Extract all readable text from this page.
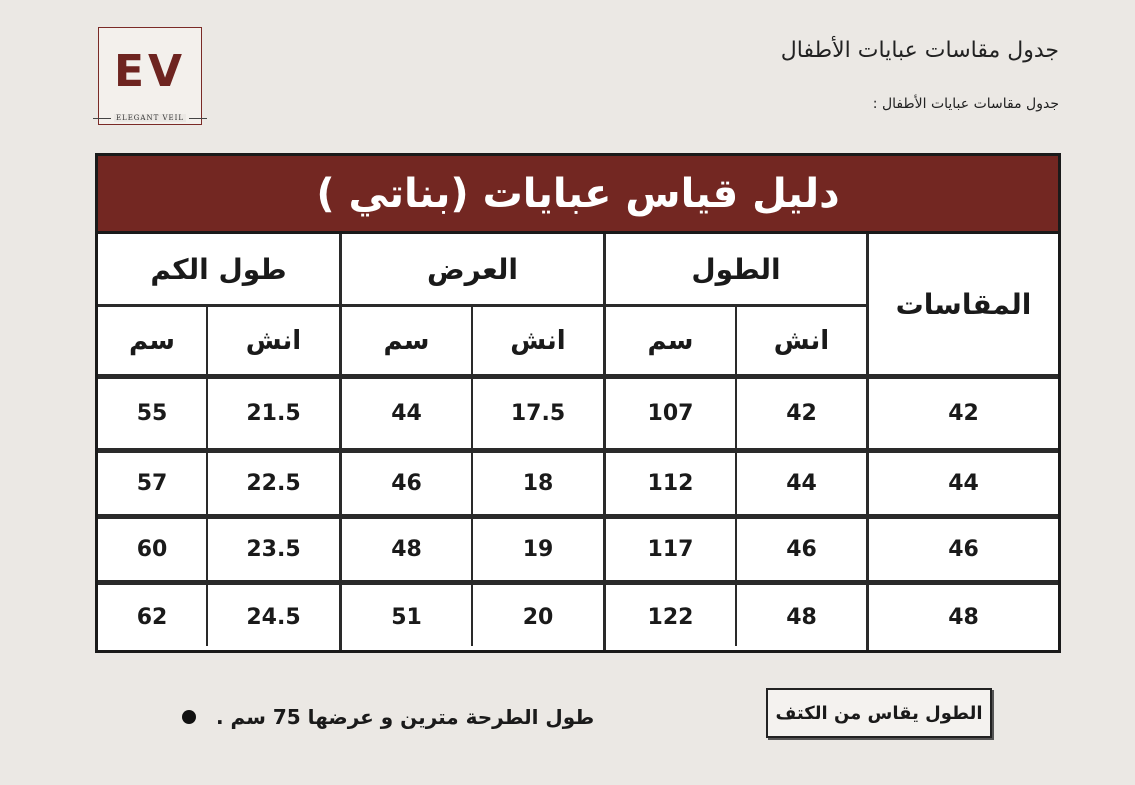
EV
ELEGANT VEIL
جدول مقاسات عبايات الأطفال
جدول مقاسات عبايات الأطفال :
دليل قياس عبايات (بناتي )
المقاسات
الطول
العرض
طول الكم
انش
سم
انش
سم
انش
سم
42
42
107
17.5
44
21.5
55
44
44
112
18
46
22.5
57
46
46
117
19
48
23.5
60
48
48
122
20
51
24.5
62
طول الطرحة مترين و عرضها 75 سم .	الطول يقاس من الكتف
